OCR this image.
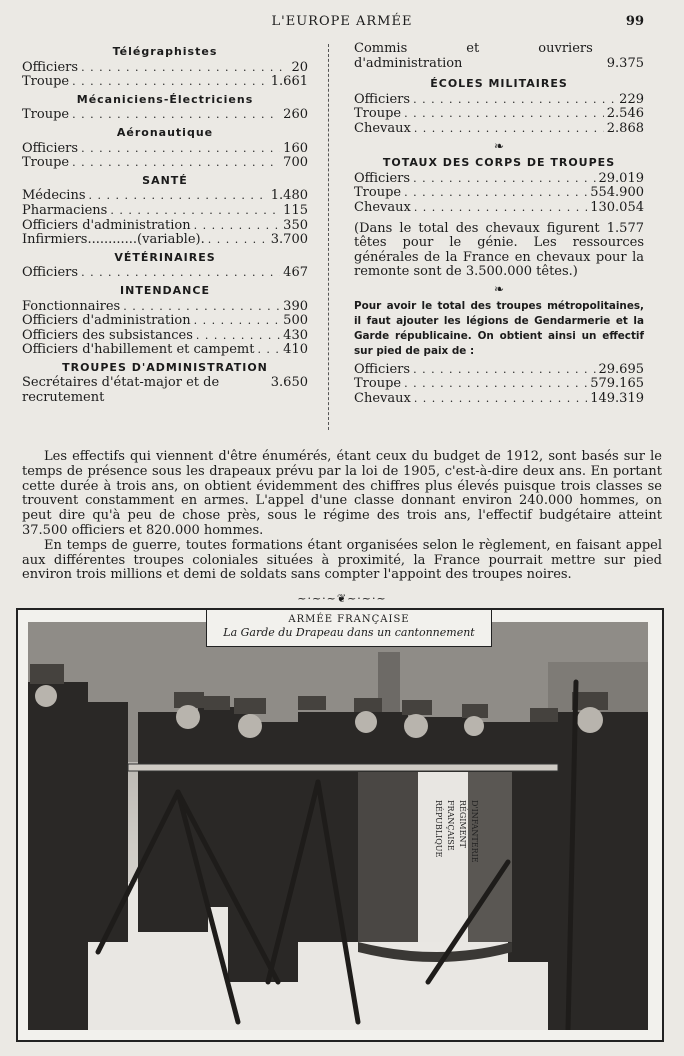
L'EUROPE ARMÉE	99
Télégraphistes
Officiers . . .	20
Troupe . . .	1.661
Mécaniciens-Électriciens
Troupe . . .	260
Aéronautique
Officiers . . .	160
Troupe . . .	700
SANTÉ
Médecins . . .	1.480
Pharmaciens . . .	115
Officiers d'administration . . .	350
Infirmiers............(variable). . . .	3.700
VÉTÉRINAIRES
Officiers . . .	467
INTENDANCE
Fonctionnaires . . .	390
Officiers d'administration . . .	500
Officiers des subsistances . . .	430
Officiers d'habillement et campemt . . . 410
TROUPES D'ADMINISTRATION
Secrétaires d'état-major et de recrutement
3.650
Commis et ouvriers d'administration	9.375
ÉCOLES MILITAIRES
Officiers . . .	229
Troupe . . .	2.546
Chevaux . . .	2.868
❧
TOTAUX DES CORPS DE TROUPES
Officiers . . .	29.019
Troupe . . .	554.900
Chevaux . . .	130.054
(Dans le total des chevaux figurent 1.577 têtes pour le génie. Les ressources générales de la France en chevaux pour la remonte sont de 3.500.000 têtes.)
❧
Pour avoir le total des troupes métropolitaines, il faut ajouter les légions de Gendarmerie et la Garde républicaine. On obtient ainsi un effectif sur pied de paix de :
Officiers . . .	29.695
Troupe . . .	579.165
Chevaux . . .	149.319

Les effectifs qui viennent d'être énumérés, étant ceux du budget de 1912, sont basés sur le temps de présence sous les drapeaux prévu par la loi de 1905, c'est-à-dire deux ans. En portant cette durée à trois ans, on obtient évidemment des chiffres plus élevés puisque trois classes se trouvent constamment en armes. L'appel d'une classe donnant environ 240.000 hommes, on peut dire qu'à peu de chose près, sous le régime des trois ans, l'effectif budgétaire atteint 37.500 officiers et 820.000 hommes.

En temps de guerre, toutes formations étant organisées selon le règlement, en faisant appel aux différentes troupes coloniales situées à proximité, la France pourrait mettre sur pied environ trois millions et demi de soldats sans compter l'appoint des troupes noires.

~·~·~❦~·~·~
ARMÉE FRANÇAISE
La Garde du Drapeau dans un cantonnement
RÉPUBLIQUE FRANÇAISE RÉGIMENT D'INFANTERIE
